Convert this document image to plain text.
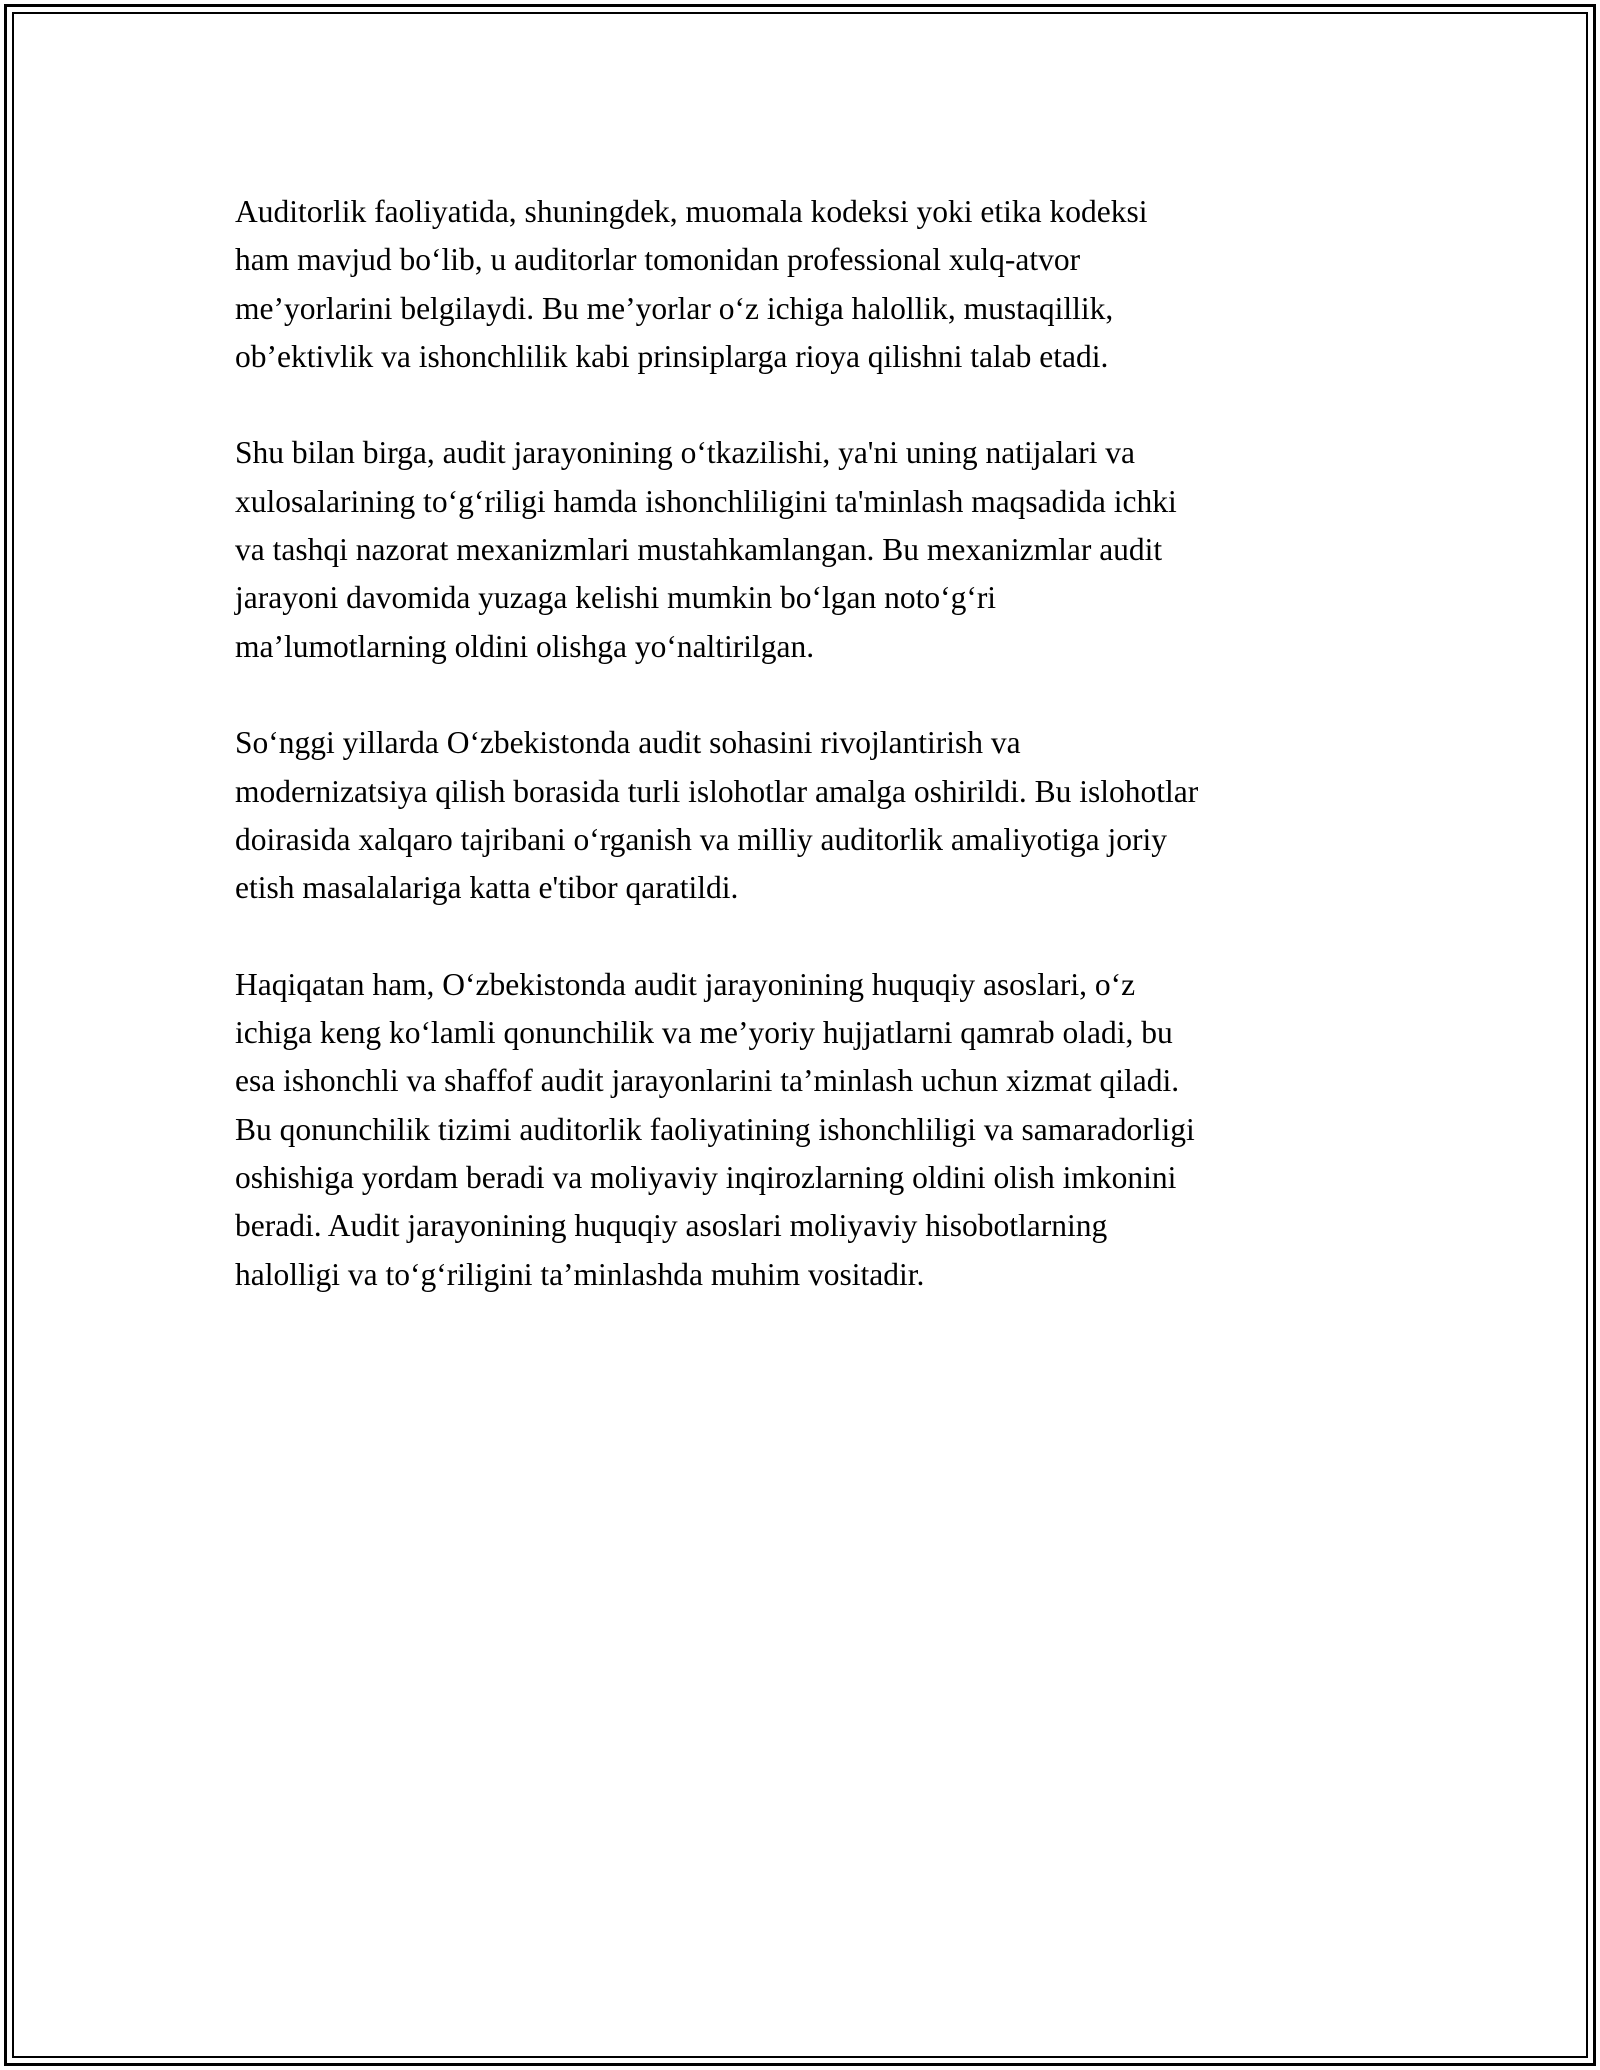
Auditorlik faoliyatida, shuningdek, muomala kodeksi yoki etika kodeksi
ham mavjud bo‘lib, u auditorlar tomonidan professional xulq-atvor
me’yorlarini belgilaydi. Bu me’yorlar o‘z ichiga halollik, mustaqillik,
ob’ektivlik va ishonchlilik kabi prinsiplarga rioya qilishni talab etadi.

Shu bilan birga, audit jarayonining o‘tkazilishi, ya'ni uning natijalari va
xulosalarining to‘g‘riligi hamda ishonchliligini ta'minlash maqsadida ichki
va tashqi nazorat mexanizmlari mustahkamlangan. Bu mexanizmlar audit
jarayoni davomida yuzaga kelishi mumkin bo‘lgan noto‘g‘ri
ma’lumotlarning oldini olishga yo‘naltirilgan.

So‘nggi yillarda O‘zbekistonda audit sohasini rivojlantirish va
modernizatsiya qilish borasida turli islohotlar amalga oshirildi. Bu islohotlar
doirasida xalqaro tajribani o‘rganish va milliy auditorlik amaliyotiga joriy
etish masalalariga katta e'tibor qaratildi.

Haqiqatan ham, O‘zbekistonda audit jarayonining huquqiy asoslari, o‘z
ichiga keng ko‘lamli qonunchilik va me’yoriy hujjatlarni qamrab oladi, bu
esa ishonchli va shaffof audit jarayonlarini ta’minlash uchun xizmat qiladi.
Bu qonunchilik tizimi auditorlik faoliyatining ishonchliligi va samaradorligi
oshishiga yordam beradi va moliyaviy inqirozlarning oldini olish imkonini
beradi. Audit jarayonining huquqiy asoslari moliyaviy hisobotlarning
halolligi va to‘g‘riligini ta’minlashda muhim vositadir.
